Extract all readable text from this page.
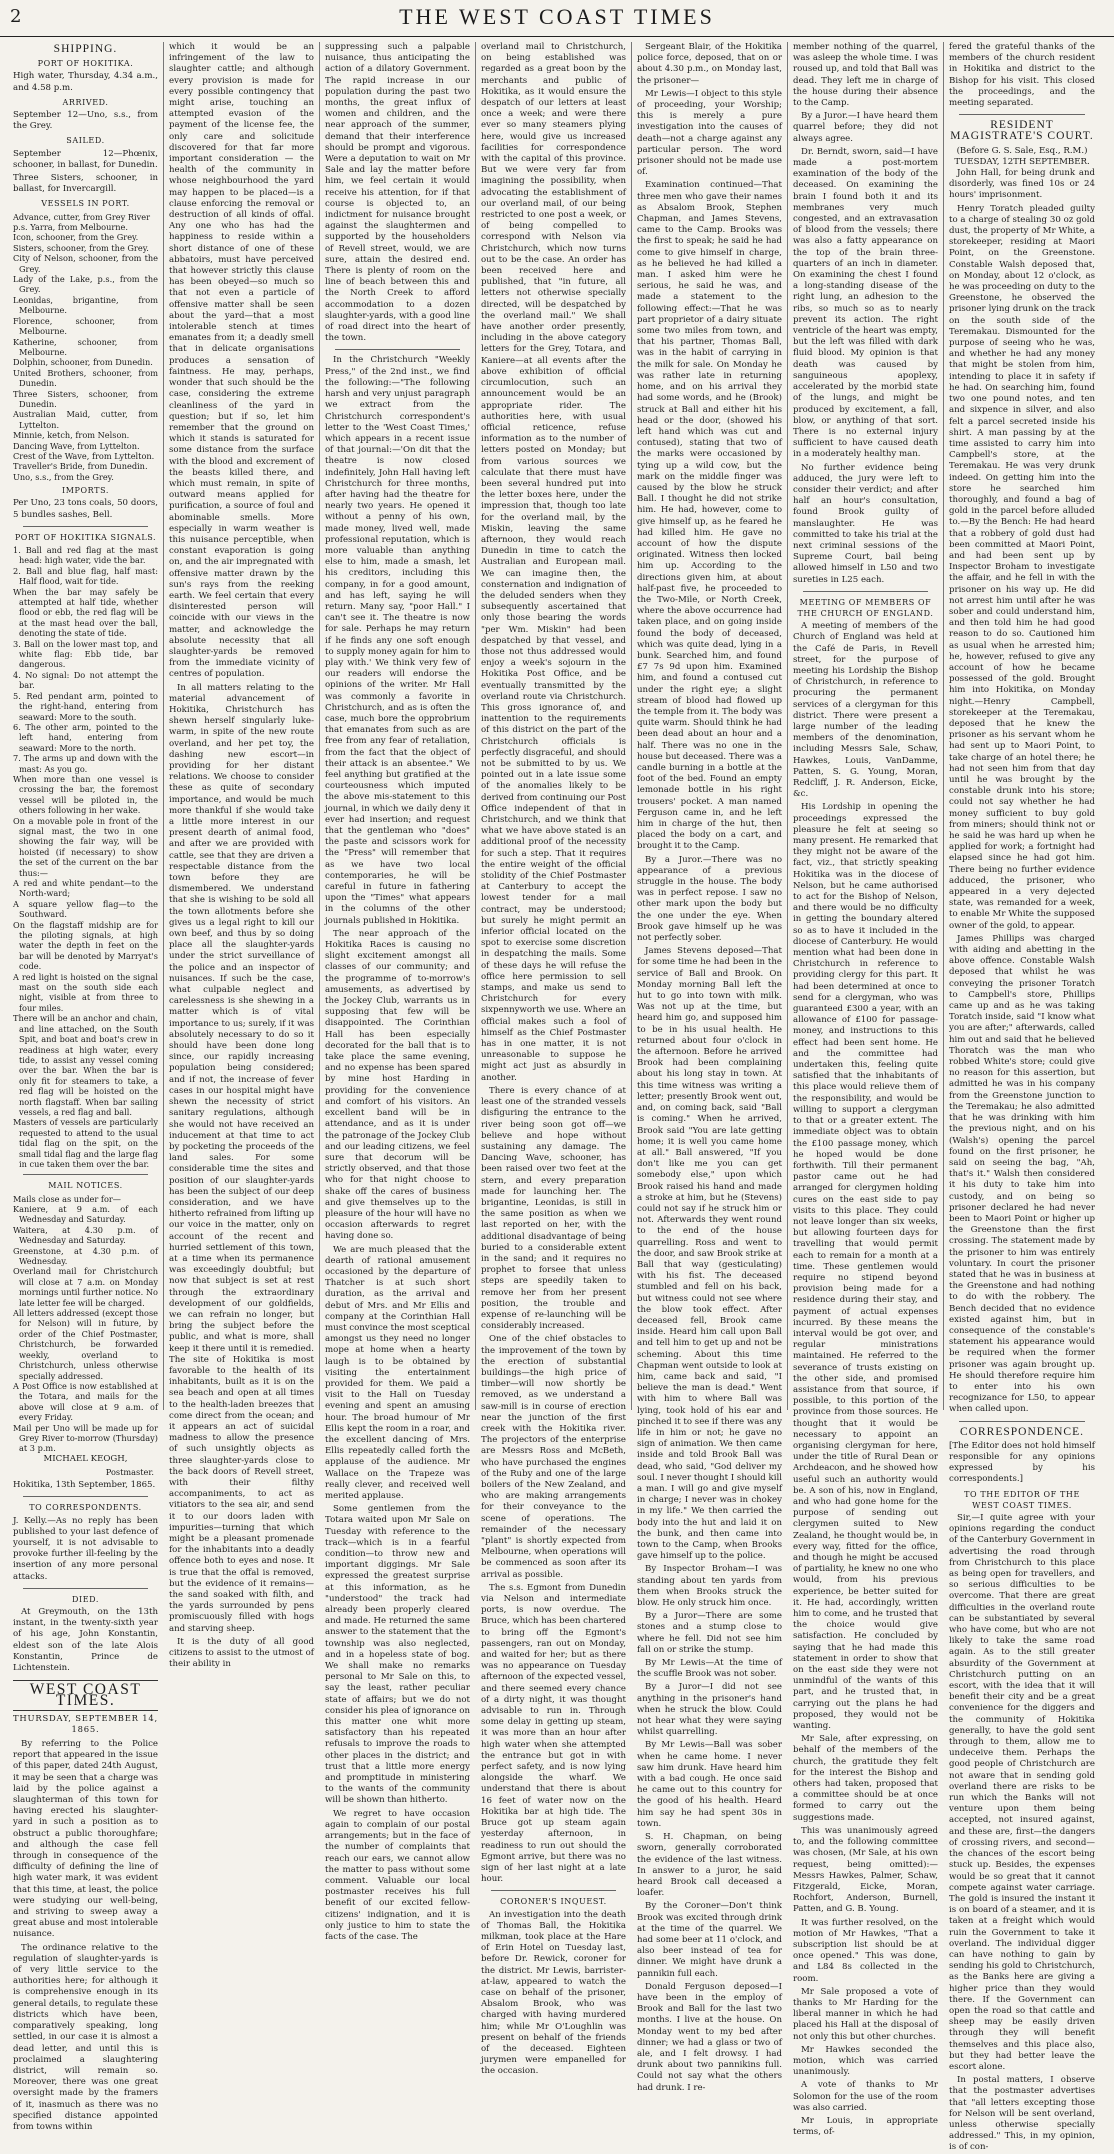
2	THE WEST COAST TIMES
SHIPPING.
PORT OF HOKITIKA.

High water, Thursday, 4.34 a.m., and 4.58 p.m.

ARRIVED.

September 12—Uno, s.s., from the Grey.

SAILED.

September 12—Phœnix, schooner, in ballast, for Dunedin.

Three Sisters, schooner, in ballast, for Invercargill.

VESSELS IN PORT.
Advance, cutter, from Grey River
p.s. Yarra, from Melbourne.
Icon, schooner, from the Grey.
Sisters, schooner, from the Grey.
City of Nelson, schooner, from the Grey.
Lady of the Lake, p.s., from the Grey.
Leonidas, brigantine, from Melbourne.
Florence, schooner, from Melbourne.
Katherine, schooner, from Melbourne.
Dolphin, schooner, from Dunedin.
United Brothers, schooner, from Dunedin.
Three Sisters, schooner, from Dunedin.
Australian Maid, cutter, from Lyttelton.
Minnie, ketch, from Nelson.
Dancing Wave, from Lyttelton.
Crest of the Wave, from Lyttelton.
Traveller's Bride, from Dunedin.
Uno, s.s., from the Grey.
IMPORTS.

Per Uno, 23 tons coals, 50 doors, 5 bundles sashes, Bell.

PORT OF HOKITIKA SIGNALS.
1. Ball and red flag at the mast head: high water, vide the bar.
2. Ball and blue flag, half mast: Half flood, wait for tide.
When the bar may safely be attempted at half tide, whether flood or ebb, the red flag will be at the mast head over the ball, denoting the state of tide.
3. Ball on the lower mast top, and white flag: Ebb tide, bar dangerous.
4. No signal: Do not attempt the bar.
5. Red pendant arm, pointed to the right-hand, entering from seaward: More to the south.
6. The other arm, pointed to the left hand, entering from seaward: More to the north.
7. The arms up and down with the mast: As you go.
When more than one vessel is crossing the bar, the foremost vessel will be piloted in, the others following in her wake.
On a movable pole in front of the signal mast, the two in one showing the fair way, will be hoisted (if necessary) to show the set of the current on the bar thus:—
A red and white pendant—to the North-ward;
A square yellow flag—to the Southward.
On the flagstaff midship are for the piloting signals, at high water the depth in feet on the bar will be denoted by Marryat's code.
A red light is hoisted on the signal mast on the south side each night, visible at from three to four miles.
There will be an anchor and chain, and line attached, on the South Spit, and boat and boat's crew in readiness at high water, every tide, to assist any vessel coming over the bar. When the bar is only fit for steamers to take, a red flag will be hoisted on the north flagstaff. When bar sailing vessels, a red flag and ball.
Masters of vessels are particularly requested to attend to the usual tidal flag on the spit, on the small tidal flag and the large flag in cue taken them over the bar.
MAIL NOTICES.
Mails close as under for—
Kaniere, at 9 a.m. of each Wednesday and Saturday.
Waitera, at 4.30 p.m. of Wednesday and Saturday.
Greenstone, at 4.30 p.m. of Wednesday.
Overland mail for Christchurch will close at 7 a.m. on Monday mornings until further notice. No late letter fee will be charged.
All letters addressed (except those for Nelson) will in future, by order of the Chief Postmaster, Christchurch, be forwarded weekly, overland to Christchurch, unless otherwise specially addressed.
A Post Office is now established at the Totara, and mails for the above will close at 9 a.m. of every Friday.
Mail per Uno will be made up for Grey River to-morrow (Thursday) at 3 p.m.
MICHAEL KEOGH,
Postmaster.

Hokitika, 13th September, 1865.

TO CORRESPONDENTS.

J. Kelly.—As no reply has been published to your last defence of yourself, it is not advisable to provoke further ill-feeling by the insertion of any more personal attacks.

DIED.

At Greymouth, on the 13th instant, in the twenty-sixth year of his age, John Konstantin, eldest son of the late Alois Konstantin, Prince de Lichtenstein.

WEST COAST TIMES.
THURSDAY, SEPTEMBER 14, 1865.

By referring to the Police report that appeared in the issue of this paper, dated 24th August, it may be seen that a charge was laid by the police against a slaughterman of this town for having erected his slaughter-yard in such a position as to obstruct a public thoroughfare; and although the case fell through in consequence of the difficulty of defining the line of high water mark, it was evident that this time, at least, the police were studying our well-being, and striving to sweep away a great abuse and most intolerable nuisance.

The ordinance relative to the regulation of slaughter-yards is of very little service to the authorities here; for although it is comprehensive enough in its general details, to regulate these districts which have been, comparatively speaking, long settled, in our case it is almost a dead letter, and until this is proclaimed a slaughtering district, will remain so. Moreover, there was one great oversight made by the framers of it, inasmuch as there was no specified distance appointed from towns within

which it would be an infringement of the law to slaughter cattle; and although every provision is made for every possible contingency that might arise, touching an attempted evasion of the payment of the license fee, the only care and solicitude discovered for that far more important consideration — the health of the community in whose neighbourhood the yard may happen to be placed—is a clause enforcing the removal or destruction of all kinds of offal. Any one who has had the happiness to reside within a short distance of one of these abbatoirs, must have perceived that however strictly this clause has been obeyed—so much so that not even a particle of offensive matter shall be seen about the yard—that a most intolerable stench at times emanates from it; a deadly smell that in delicate organisations produces a sensation of faintness. He may, perhaps, wonder that such should be the case, considering the extreme cleanliness of the yard in question; but if so, let him remember that the ground on which it stands is saturated for some distance from the surface with the blood and excrement of the beasts killed there, and which must remain, in spite of outward means applied for purification, a source of foul and abominable smells. More especially in warm weather is this nuisance perceptible, when constant evaporation is going on, and the air impregnated with offensive matter drawn by the sun's rays from the reeking earth. We feel certain that every disinterested person will coincide with our views in the matter, and acknowledge the absolute necessity that all slaughter-yards be removed from the immediate vicinity of centres of population.

In all matters relating to the material advancement of Hokitika, Christchurch has shewn herself singularly luke-warm, in spite of the new route overland, and her pet toy, the dashing new escort—in providing for her distant relations. We choose to consider these as quite of secondary importance, and would be much more thankful if she would take a little more interest in our present dearth of animal food, and after we are provided with cattle, see that they are driven a respectable distance from the town before they are dismembered. We understand that she is wishing to be sold all the town allotments before she gives us a legal right to kill our own beef, and thus by so doing place all the slaughter-yards under the strict surveillance of the police and an inspector of nuisances. If such be the case, what culpable neglect and carelessness is she shewing in a matter which is of vital importance to us; surely, if it was absolutely necessary to do so it should have been done long since, our rapidly increasing population being considered; and if not, the increase of fever cases in our hospital might have shewn the necessity of strict sanitary regulations, although she would not have received an inducement at that time to act by pocketing the proceeds of the land sales. For some considerable time the sites and position of our slaughter-yards has been the subject of our deep consideration, and we have hitherto refrained from lifting up our voice in the matter, only on account of the recent and hurried settlement of this town, at a time when its permanence was exceedingly doubtful; but now that subject is set at rest through the extraordinary development of our goldfields, we can refrain no longer, but bring the subject before the public, and what is more, shall keep it there until it is remedied. The site of Hokitika is most favorable to the health of its inhabitants, built as it is on the sea beach and open at all times to the health-laden breezes that come direct from the ocean; and it appears an act of suicidal madness to allow the presence of such unsightly objects as three slaughter-yards close to the back doors of Revell street, with their filthy accompaniments, to act as vitiators to the sea air, and send it to our doors laden with impurities—turning that which might be a pleasant promenade for the inhabitants into a deadly offence both to eyes and nose. It is true that the offal is removed, but the evidence of it remains—the sand soaked with filth, and the yards surrounded by pens promiscuously filled with hogs and starving sheep.

It is the duty of all good citizens to assist to the utmost of their ability in

suppressing such a palpable nuisance, thus anticipating the action of a dilatory Government. The rapid increase in our population during the past two months, the great influx of women and children, and the near approach of the summer, demand that their interference should be prompt and vigorous. Were a deputation to wait on Mr Sale and lay the matter before him, we feel certain it would receive his attention, for if that course is objected to, an indictment for nuisance brought against the slaughtermen and supported by the householders of Revell street, would, we are sure, attain the desired end. There is plenty of room on the line of beach between this and the North Creek to afford accommodation to a dozen slaughter-yards, with a good line of road direct into the heart of the town.

In the Christchurch "Weekly Press," of the 2nd inst., we find the following:—"The following harsh and very unjust paragraph we extract from the Christchurch correspondent's letter to the 'West Coast Times,' which appears in a recent issue of that journal:—'On dit that the theatre is now closed indefinitely, John Hall having left Christchurch for three months, after having had the theatre for nearly two years. He opened it without a penny of his own, made money, lived well, made professional reputation, which is more valuable than anything else to him, made a smash, let his creditors, including this company, in for a good amount, and has left, saying he will return. Many say, "poor Hall." I can't see it. The theatre is now for sale. Perhaps he may return if he finds any one soft enough to supply money again for him to play with.' We think very few of our readers will endorse the opinions of the writer. Mr Hall was commonly a favorite in Christchurch, and as is often the case, much bore the opprobrium that emanates from such as are free from any fear of retaliation, from the fact that the object of their attack is an absentee." We feel anything but gratified at the courteousness which imputed the above mis-statement to this journal, in which we daily deny it ever had insertion; and request that the gentleman who "does" the paste and scissors work for the "Press" will remember that as we have two local contemporaries, he will be careful in future in fathering upon the "Times" what appears in the columns of the other journals published in Hokitika.

The near approach of the Hokitika Races is causing no slight excitement amongst all classes of our community; and the programme of to-morrow's amusements, as advertised by the Jockey Club, warrants us in supposing that few will be disappointed. The Corinthian Hall has been especially decorated for the ball that is to take place the same evening, and no expense has been spared by mine host Harding in providing for the convenience and comfort of his visitors. An excellent band will be in attendance, and as it is under the patronage of the Jockey Club and our leading citizens, we feel sure that decorum will be strictly observed, and that those who for that night choose to shake off the cares of business and give themselves up to the pleasure of the hour will have no occasion afterwards to regret having done so.

We are much pleased that the dearth of rational amusement occasioned by the departure of Thatcher is at such short duration, as the arrival and debut of Mrs. and Mr Ellis and company at the Corinthian Hall must convince the most sceptical amongst us they need no longer mope at home when a hearty laugh is to be obtained by visiting the entertainment provided for them. We paid a visit to the Hall on Tuesday evening and spent an amusing hour. The broad humour of Mr Ellis kept the room in a roar, and the excellent dancing of Mrs. Ellis repeatedly called forth the applause of the audience. Mr Wallace on the Trapeze was really clever, and received well merited applause.

Some gentlemen from the Totara waited upon Mr Sale on Tuesday with reference to the track—which is in a fearful condition—to throw new and important diggings. Mr Sale expressed the greatest surprise at this information, as he "understood" the track had already been properly cleared and made. He returned the same answer to the statement that the township was also neglected, and in a hopeless state of bog. We shall make no remarks personal to Mr Sale on this, to say the least, rather peculiar state of affairs; but we do not consider his plea of ignorance on this matter one whit more satisfactory than his repeated refusals to improve the roads to other places in the district; and trust that a little more energy and promptitude in ministering to the wants of the community will be shown than hitherto.

We regret to have occasion again to complain of our postal arrangements; but in the face of the number of complaints that reach our ears, we cannot allow the matter to pass without some comment. Valuable our local postmaster receives his full benefit of our excited fellow-citizens' indignation, and it is only justice to him to state the facts of the case. The

overland mail to Christchurch, on being established was regarded as a great boon by the merchants and public of Hokitika, as it would ensure the despatch of our letters at least once a week; and were there ever so many steamers plying here, would give us increased facilities for correspondence with the capital of this province. But we were very far from imagining the possibility, when advocating the establishment of our overland mail, of our being restricted to one post a week, or of being compelled to correspond with Nelson via Christchurch, which now turns out to be the case. An order has been received here and published, that "in future, all letters not otherwise specially directed, will be despatched by the overland mail." We shall have another order presently, including in the above category letters for the Grey, Totara, and Kaniere—at all events after the above exhibition of official circumlocution, such an announcement would be an appropriate rider. The authorities here, with usual official reticence, refuse information as to the number of letters posted on Monday; but from various sources we calculate that there must have been several hundred put into the letter boxes here, under the impression that, though too late for the overland mail, by the Miskin, leaving the same afternoon, they would reach Dunedin in time to catch the Australian and European mail. We can imagine then, the consternation and indignation of the deluded senders when they subsequently ascertained that only those bearing the words "per Wm. Miskin" had been despatched by that vessel, and those not thus addressed would enjoy a week's sojourn in the Hokitika Post Office, and be eventually transmitted by the overland route via Christchurch. This gross ignorance of, and inattention to the requirements of this district on the part of the Christchurch officials is perfectly disgraceful, and should not be submitted to by us. We pointed out in a late issue some of the anomalies likely to be derived from continuing our Post Office independent of that in Christchurch, and we think that what we have above stated is an additional proof of the necessity for such a step. That it requires the entire weight of the official stolidity of the Chief Postmaster at Canterbury to accept the lowest tender for a mail contract, may be understood; but surely he might permit an inferior official located on the spot to exercise some discretion in despatching the mails. Some of these days he will refuse the office here permission to sell stamps, and make us send to Christchurch for every sixpennyworth we use. Where an official makes such a fool of himself as the Chief Postmaster has in one matter, it is not unreasonable to suppose he might act just as absurdly in another.

There is every chance of at least one of the stranded vessels disfiguring the entrance to the river being soon got off—we believe and hope without sustaining any damage. The Dancing Wave, schooner, has been raised over two feet at the stern, and every preparation made for launching her. The brigantine, Leonidas, is still in the same position as when we last reported on her, with the additional disadvantage of being buried to a considerable extent in the sand; and it requires no prophet to forsee that unless steps are speedily taken to remove her from her present position, the trouble and expense of re-launching will be considerably increased.

One of the chief obstacles to the improvement of the town by the erection of substantial buildings—the high price of timber—will now shortly be removed, as we understand a saw-mill is in course of erection near the junction of the first creek with the Hokitika river. The projectors of the enterprise are Messrs Ross and McBeth, who have purchased the engines of the Ruby and one of the large boilers of the New Zealand, and who are making arrangements for their conveyance to the scene of operations. The remainder of the necessary "plant" is shortly expected from Melbourne, when operations will be commenced as soon after its arrival as possible.

The s.s. Egmont from Dunedin via Nelson and intermediate ports, is now overdue. The Bruce, which has been chartered to bring off the Egmont's passengers, ran out on Monday, and waited for her; but as there was no appearance on Tuesday afternoon of the expected vessel, and there seemed every chance of a dirty night, it was thought advisable to run in. Through some delay in getting up steam, it was more than an hour after high water when she attempted the entrance but got in with perfect safety, and is now lying alongside the wharf. We understand that there is about 16 feet of water now on the Hokitika bar at high tide. The Bruce got up steam again yesterday afternoon, in readiness to run out should the Egmont arrive, but there was no sign of her last night at a late hour.

CORONER'S INQUEST.

An investigation into the death of Thomas Ball, the Hokitika milkman, took place at the Hare of Erin Hotel on Tuesday last, before Dr. Rewick, coroner for the district. Mr Lewis, barrister-at-law, appeared to watch the case on behalf of the prisoner, Absalom Brook, who was charged with having murdered him; while Mr O'Loughlin was present on behalf of the friends of the deceased. Eighteen jurymen were empanelled for the occasion.

Sergeant Blair, of the Hokitika police force, deposed, that on or about 4.30 p.m., on Monday last, the prisoner—

Mr Lewis—I object to this style of proceeding, your Worship; this is merely a pure investigation into the causes of death—not a charge against any particular person. The word prisoner should not be made use of.

Examination continued—That three men who gave their names as Absalom Brook, Stephen Chapman, and James Stevens, came to the Camp. Brooks was the first to speak; he said he had come to give himself in charge, as he believed he had killed a man. I asked him were he serious, he said he was, and made a statement to the following effect:—That he was part proprietor of a dairy situate some two miles from town, and that his partner, Thomas Ball, was in the habit of carrying in the milk for sale. On Monday he was rather late in returning home, and on his arrival they had some words, and he (Brook) struck at Ball and either hit his head or the door, (showed his left hand which was cut and contused), stating that two of the marks were occasioned by tying up a wild cow, but the mark on the middle finger was caused by the blow he struck Ball. I thought he did not strike him. He had, however, come to give himself up, as he feared he had killed him. He gave no account of how the dispute originated. Witness then locked him up. According to the directions given him, at about half-past five, he proceeded to the Two-Mile, or North Creek, where the above occurrence had taken place, and on going inside found the body of deceased, which was quite dead, lying in a bunk. Searched him, and found £7 7s 9d upon him. Examined him, and found a contused cut under the right eye; a slight stream of blood had flowed up the temple from it. The body was quite warm. Should think he had been dead about an hour and a half. There was no one in the house but deceased. There was a candle burning in a bottle at the foot of the bed. Found an empty lemonade bottle in his right trousers' pocket. A man named Ferguson came in, and he left him in charge of the hut, then placed the body on a cart, and brought it to the Camp.

By a Juror.—There was no appearance of a previous struggle in the house. The body was in perfect repose. I saw no other mark upon the body but the one under the eye. When Brook gave himself up he was not perfectly sober.

James Stevens deposed—That for some time he had been in the service of Ball and Brook. On Monday morning Ball left the hut to go into town with milk. Was not up at the time, but heard him go, and supposed him to be in his usual health. He returned about four o'clock in the afternoon. Before he arrived Brook had been complaining about his long stay in town. At this time witness was writing a letter; presently Brook went out, and, on coming back, said "Ball is coming." When he arrived, Brook said "You are late getting home; it is well you came home at all." Ball answered, "If you don't like me you can get somebody else," upon which Brook raised his hand and made a stroke at him, but he (Stevens) could not say if he struck him or not. Afterwards they went round to the end of the house quarrelling. Ross and went to the door, and saw Brook strike at Ball that way (gesticulating) with his fist. The deceased stumbled and fell on his back, but witness could not see where the blow took effect. After deceased fell, Brook came inside. Heard him call upon Ball and tell him to get up and not be scheming. About this time Chapman went outside to look at him, came back and said, "I believe the man is dead." Went with him to where Ball was lying, took hold of his ear and pinched it to see if there was any life in him or not; he gave no sign of animation. We then came inside and told Brook Ball was dead, who said, "God deliver my soul. I never thought I should kill a man. I will go and give myself in charge; I never was in chokey in my life." We then carried the body into the hut and laid it on the bunk, and then came into town to the Camp, when Brooks gave himself up to the police.

By Inspector Broham—I was standing about ten yards from them when Brooks struck the blow. He only struck him once.

By a Juror—There are some stones and a stump close to where he fell. Did not see him fall on or strike the stump.

By Mr Lewis—At the time of the scuffle Brook was not sober.

By a Juror—I did not see anything in the prisoner's hand when he struck the blow. Could not hear what they were saying whilst quarrelling.

By Mr Lewis—Ball was sober when he came home. I never saw him drunk. Have heard him with a bad cough. He once said he came out to this country for the good of his health. Heard him say he had spent 30s in town.

S. H. Chapman, on being sworn, generally corroborated the evidence of the last witness. In answer to a juror, he said heard Brook call deceased a loafer.

By the Coroner—Don't think Brook was excited through drink at the time of the quarrel. We had some beer at 11 o'clock, and also beer instead of tea for dinner. We might have drunk a pannikin full each.

Donald Ferguson deposed—I have been in the employ of Brook and Ball for the last two months. I live at the house. On Monday went to my bed after dinner; we had a glass or two of ale, and I felt drowsy. I had drunk about two pannikins full. Could not say what the others had drunk. I re-

member nothing of the quarrel, was asleep the whole time. I was roused up, and told that Ball was dead. They left me in charge of the house during their absence to the Camp.

By a Juror.—I have heard them quarrel before; they did not always agree.

Dr. Berndt, sworn, said—I have made a post-mortem examination of the body of the deceased. On examining the brain I found both it and its membranes very much congested, and an extravasation of blood from the vessels; there was also a fatty appearance on the top of the brain three-quarters of an inch in diameter. On examining the chest I found a long-standing disease of the right lung, an adhesion to the ribs, so much so as to nearly prevent its action. The right ventricle of the heart was empty, but the left was filled with dark fluid blood. My opinion is that death was caused by sanguineous apoplexy, accelerated by the morbid state of the lungs, and might be produced by excitement, a fall, blow, or anything of that sort. There is no external injury sufficient to have caused death in a moderately healthy man.

No further evidence being adduced, the jury were left to consider their verdict; and after half an hour's consultation, found Brook guilty of manslaughter. He was committed to take his trial at the next criminal sessions of the Supreme Court, bail being allowed himself in L50 and two sureties in L25 each.

MEETING OF MEMBERS OF THE CHURCH OF ENGLAND.

A meeting of members of the Church of England was held at the Café de Paris, in Revell street, for the purpose of meeting his Lordship the Bishop of Christchurch, in reference to procuring the permanent services of a clergyman for this district. There were present a large number of the leading members of the denomination, including Messrs Sale, Schaw, Hawkes, Louis, VanDamme, Patten, S. G. Young, Moran, Redcliff, J. R. Anderson, Eicke, &c.

His Lordship in opening the proceedings expressed the pleasure he felt at seeing so many present. He remarked that they might not be aware of the fact, viz., that strictly speaking Hokitika was in the diocese of Nelson, but he came authorised to act for the Bishop of Nelson, and there would be no difficulty in getting the boundary altered so as to have it included in the diocese of Canterbury. He would mention what had been done in Christchurch in reference to providing clergy for this part. It had been determined at once to send for a clergyman, who was guaranteed £300 a year, with an allowance of £100 for passage-money, and instructions to this effect had been sent home. He and the committee had undertaken this, feeling quite satisfied that the inhabitants of this place would relieve them of the responsibility, and would be willing to support a clergyman to that or a greater extent. The immediate object was to obtain the £100 passage money, which he hoped would be done forthwith. Till their permanent pastor came out he had arranged for clergymen holding cures on the east side to pay visits to this place. They could not leave longer than six weeks, but allowing fourteen days for travelling that would permit each to remain for a month at a time. These gentlemen would require no stipend beyond provision being made for a residence during their stay, and payment of actual expenses incurred. By these means the interval would be got over, and regular ministrations maintained. He referred to the severance of trusts existing on the other side, and promised assistance from that source, if possible, to this portion of the province from those sources. He thought that it would be necessary to appoint an organising clergyman for here, under the title of Rural Dean or Archdeacon, and he showed how useful such an authority would be. A son of his, now in England, and who had gone home for the purpose of sending out clergymen suited to New Zealand, he thought would be, in every way, fitted for the office, and though he might be accused of partiality, he knew no one who would, from his previous experience, be better suited for it. He had, accordingly, written him to come, and he trusted that the choice would give satisfaction. He concluded by saying that he had made this statement in order to show that on the east side they were not unmindful of the wants of this part, and he trusted that, in carrying out the plans he had proposed, they would not be wanting.

Mr Sale, after expressing, on behalf of the members of the church, the gratitude they felt for the interest the Bishop and others had taken, proposed that a committee should be at once formed to carry out the suggestions made.

This was unanimously agreed to, and the following committee was chosen, (Mr Sale, at his own request, being omitted):—Messrs Hawkes, Palmer, Schaw, Fitzgerald, Eicke, Moran, Rochfort, Anderson, Burnell, Patten, and G. B. Young.

It was further resolved, on the motion of Mr Hawkes, "That a subscription list should be at once opened." This was done, and L84 8s collected in the room.

Mr Sale proposed a vote of thanks to Mr Harding for the liberal manner in which he had placed his Hall at the disposal of not only this but other churches.

Mr Hawkes seconded the motion, which was carried unanimously.

A vote of thanks to Mr Solomon for the use of the room was also carried.

Mr Louis, in appropriate terms, of-

fered the grateful thanks of the members of the church resident in Hokitika and district to the Bishop for his visit. This closed the proceedings, and the meeting separated.

RESIDENT MAGISTRATE'S COURT.
(Before G. S. Sale, Esq., R.M.)
TUESDAY, 12TH SEPTEMBER.

John Hall, for being drunk and disorderly, was fined 10s or 24 hours' imprisonment.

Henry Toratch pleaded guilty to a charge of stealing 30 oz gold dust, the property of Mr White, a storekeeper, residing at Maori Point, on the Greenstone. Constable Walsh deposed that, on Monday, about 12 o'clock, as he was proceeding on duty to the Greenstone, he observed the prisoner lying drunk on the track on the south side of the Teremakau. Dismounted for the purpose of seeing who he was, and whether he had any money that might be stolen from him, intending to place it in safety if he had. On searching him, found two one pound notes, and ten and sixpence in silver, and also felt a parcel secreted inside his shirt. A man passing by at the time assisted to carry him into Campbell's store, at the Teremakau. He was very drunk indeed. On getting him into the store he searched him thoroughly, and found a bag of gold in the parcel before alluded to.—By the Bench: He had heard that a robbery of gold dust had been committed at Maori Point, and had been sent up by Inspector Broham to investigate the affair, and he fell in with the prisoner on his way up. He did not arrest him until after he was sober and could understand him, and then told him he had good reason to do so. Cautioned him as usual when he arrested him; he, however, refused to give any account of how he became possessed of the gold. Brought him into Hokitika, on Monday night.—Henry Campbell, storekeeper at the Teremakau, deposed that he knew the prisoner as his servant whom he had sent up to Maori Point, to take charge of an hotel there; he had not seen him from that day until he was brought by the constable drunk into his store; could not say whether he had money sufficient to buy gold from miners; should think not or he said he was hard up when he applied for work; a fortnight had elapsed since he had got him. There being no further evidence adduced, the prisoner, who appeared in a very dejected state, was remanded for a week, to enable Mr White the supposed owner of the gold, to appear.

James Phillips was charged with aiding and abetting in the above offence. Constable Walsh deposed that whilst he was conveying the prisoner Toratch to Campbell's store, Phillips came up and as he was taking Toratch inside, said "I know what you are after;" afterwards, called him out and said that he believed Thoratch was the man who robbed White's store; could give no reason for this assertion, but admitted he was in his company from the Greenstone junction to the Teremakau; he also admitted that he was drinking with him the previous night, and on his (Walsh's) opening the parcel found on the first prisoner, he said on seeing the bag, "Ah, that's it." Walsh then considered it his duty to take him into custody, and on being so prisoner declared he had never been to Maori Point or higher up the Greenstone than the first crossing. The statement made by the prisoner to him was entirely voluntary. In court the prisoner stated that he was in business at the Greenstone and had nothing to do with the robbery. The Bench decided that no evidence existed against him, but in consequence of the constable's statement his appearance would be required when the former prisoner was again brought up. He should therefore require him to enter into his own recognizance for L50, to appear when called upon.

CORRESPONDENCE.

[The Editor does not hold himself responsible for any opinions expressed by his correspondents.]

TO THE EDITOR OF THE WEST COAST TIMES.

Sir,—I quite agree with your opinions regarding the conduct of the Canterbury Government in advertising the road through from Christchurch to this place as being open for travellers, and so serious difficulties to be overcome. That there are great difficulties in the overland route can be substantiated by several who have come, but who are not likely to take the same road again. As to the still greater absurdity of the Government at Christchurch putting on an escort, with the idea that it will benefit their city and be a great convenience for the diggers and the community of Hokitika generally, to have the gold sent through to them, allow me to undeceive them. Perhaps the good people of Christchurch are not aware that in sending gold overland there are risks to be run which the Banks will not venture upon them being accepted, not insured against, and these are, first—the dangers of crossing rivers, and second—the chances of the escort being stuck up. Besides, the expenses would be so great that it cannot compete against water carriage. The gold is insured the instant it is on board of a steamer, and it is taken at a freight which would ruin the Government to take it overland. The individual digger can have nothing to gain by sending his gold to Christchurch, as the Banks here are giving a higher price than they would there. If the Government can open the road so that cattle and sheep may be easily driven through they will benefit themselves and this place also, but they had better leave the escort alone.

In postal matters, I observe that the postmaster advertises that "all letters excepting those for Nelson will be sent overland, unless otherwise specially addressed." This, in my opinion, is of con-
